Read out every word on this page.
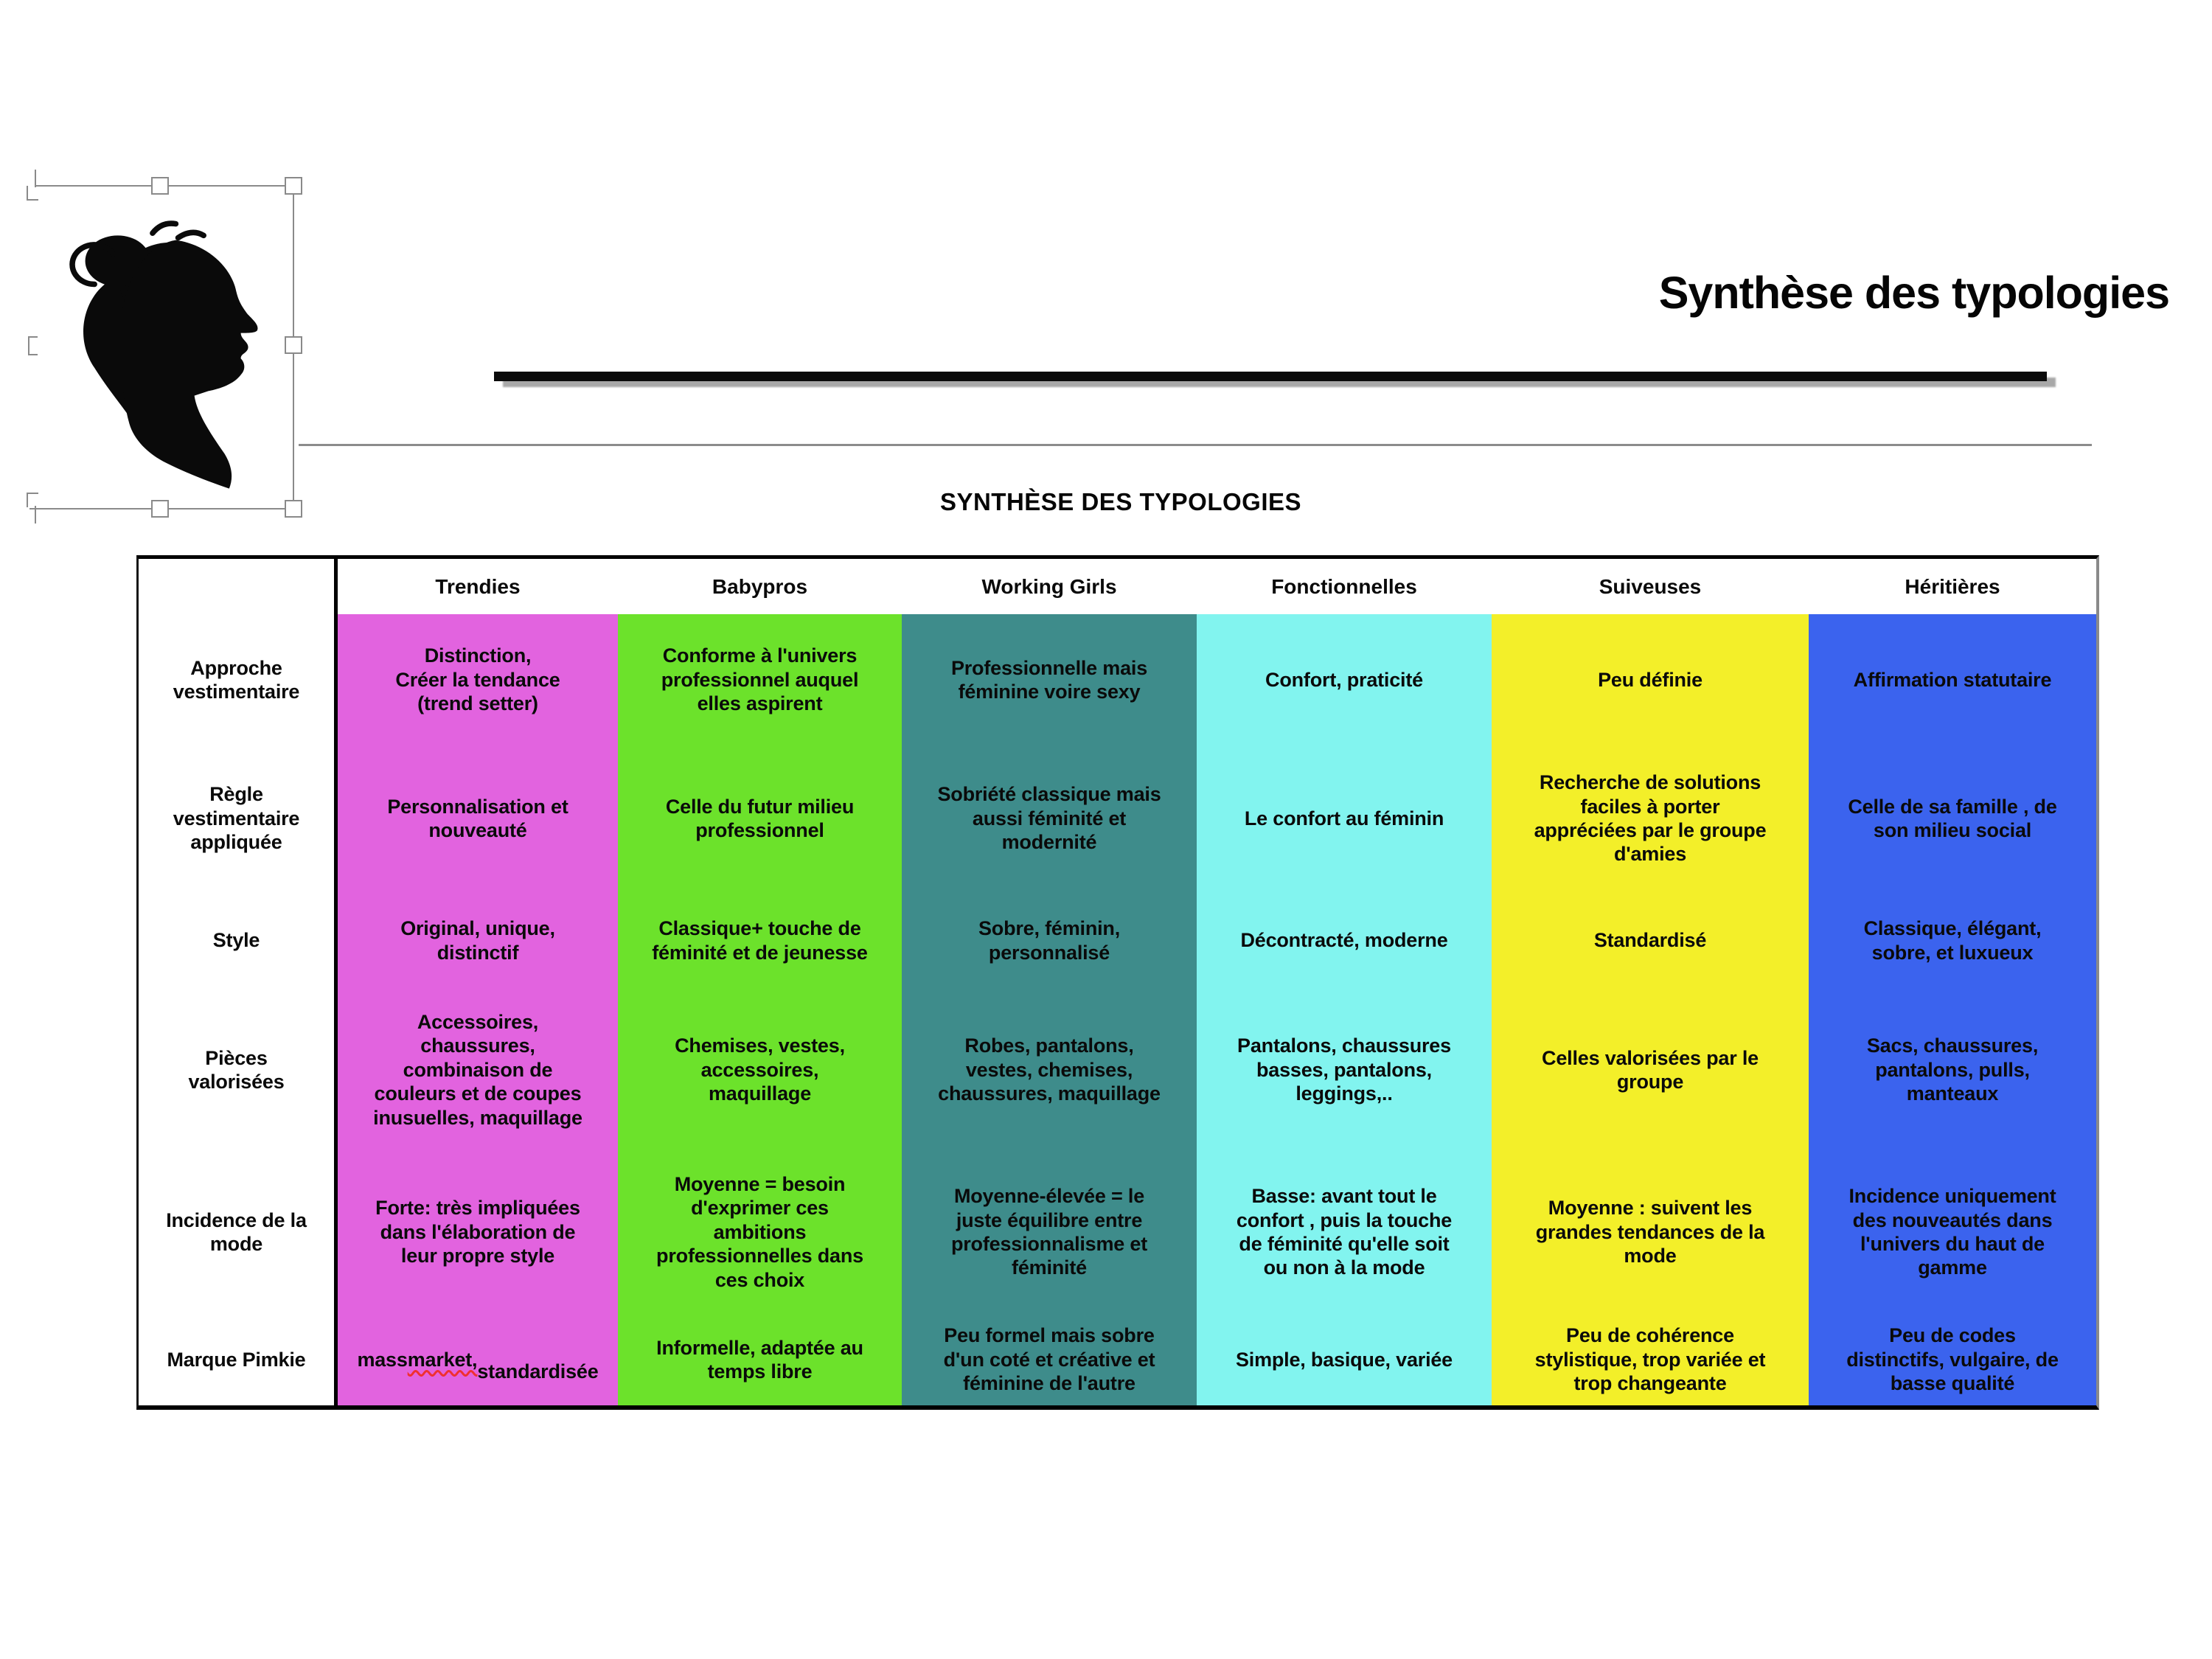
Synthèse des typologies
SYNTHÈSE DES TYPOLOGIES
Approche
vestimentaire
Règle
vestimentaire
appliquée
Style
Pièces
valorisées
Incidence de la
mode
Marque Pimkie
Trendies
Distinction,
Créer la tendance
(trend setter)
Personnalisation et
nouveauté
Original, unique,
distinctif
Accessoires,
chaussures,
combinaison de
couleurs et de coupes
inusuelles, maquillage
Forte: très impliquées
dans l'élaboration de
leur propre style
mass market,

standardisée
Babypros
Conforme à l'univers
professionnel auquel
elles aspirent
Celle du futur milieu
professionnel
Classique+ touche de
féminité et de jeunesse
Chemises, vestes,
accessoires,
maquillage
Moyenne = besoin
d'exprimer ces
ambitions
professionnelles dans
ces choix
Informelle, adaptée au
temps libre
Working Girls
Professionnelle mais
féminine voire sexy
Sobriété classique mais
aussi féminité et
modernité
Sobre, féminin,
personnalisé
Robes, pantalons,
vestes, chemises,
chaussures, maquillage
Moyenne-élevée = le
juste équilibre entre
professionnalisme et
féminité
Peu formel mais sobre
d'un coté et créative et
féminine de l'autre
Fonctionnelles
Confort, praticité
Le confort au féminin
Décontracté, moderne
Pantalons, chaussures
basses, pantalons,
leggings,..
Basse: avant tout le
confort , puis la touche
de féminité qu'elle soit
ou non à la mode
Simple, basique, variée
Suiveuses
Peu définie
Recherche de solutions
faciles à porter
appréciées par le groupe
d'amies
Standardisé
Celles valorisées par le
groupe
Moyenne : suivent les
grandes tendances de la
mode
Peu de cohérence
stylistique, trop variée et
trop changeante
Héritières
Affirmation statutaire
Celle de sa famille , de
son milieu social
Classique, élégant,
sobre, et luxueux
Sacs, chaussures,
pantalons, pulls,
manteaux
Incidence uniquement
des nouveautés dans
l'univers du haut de
gamme
Peu de codes
distinctifs, vulgaire, de
basse qualité
